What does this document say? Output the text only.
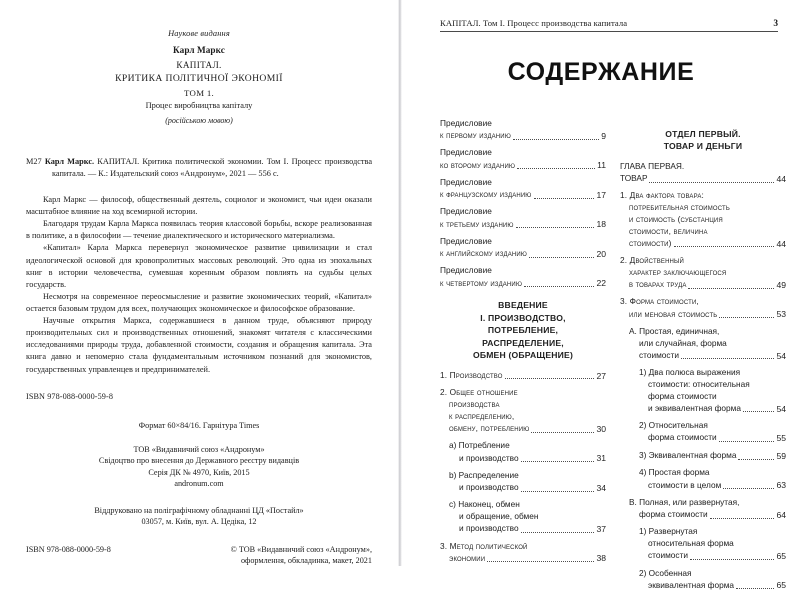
Наукове видання
Карл Маркс
КАПІТАЛ.
КРИТИКА ПОЛІТИЧНОЇ ЭКОНОМІЇ
ТОМ 1.
Процес виробництва капіталу
(російською мовою)
M27 Карл Маркс. КАПИТАЛ. Критика политической экономии. Том I. Процесс производства капитала. — К.: Издательский союз «Андронум», 2021 — 556 с.

Карл Маркс — философ, общественный деятель, социолог и экономист, чьи идеи оказали масштабное влияние на ход всемирной истории.

Благодаря трудам Карла Маркса появилась теория классовой борьбы, вскоре реализованная в политике, а в философии — течение диалектического и исторического материализма.

«Капитал» Карла Маркса перевернул экономическое развитие цивилизации и стал идеологической основой для кровопролитных массовых революций. Это одна из эпохальных книг в истории человечества, сумевшая коренным образом повлиять на судьбы целых государств.

Несмотря на современное переосмысление и развитие экономических теорий, «Капитал» остается базовым трудом для всех, получающих экономическое и философское образование.

Научные открытия Маркса, содержавшиеся в данном труде, объясняют природу производительных сил и производственных отношений, знакомят читателя с классическими исследованиями природы труда, добавленной стоимости, создания и обращения капитала. Эта книга давно и непомерно стала фундаментальным источником познаний для экономистов, государственных управленцев и предпринимателей.

ISBN 978-088-0000-59-8
Формат 60×84/16. Гарнітура Times
ТОВ «Видавничий союз «Андронум»
Свідоцтво про внесення до Державного реєстру видавців
Серія ДК № 4970, Київ, 2015
andronum.com
Віддруковано на поліграфічному обладнанні ЦД «Постайл»
03057, м. Київ, вул. А. Цедіка, 12
ISBN 978-088-0000-59-8	© ТОВ «Видавничий союз «Андронум»,
оформлення, обкладинка, макет, 2021
КАПІТАЛ. Том I. Процесс производства капитала	3
СОДЕРЖАНИЕ
Предисловие
к первому изданию	9
Предисловие
ко второму изданию	11
Предисловие
к французскому изданию	17
Предисловие
к третьему изданию	18
Предисловие
к английскому изданию	20
Предисловие
к четвертому изданию	22
ВВЕДЕНИЕ
I. ПРОИЗВОДСТВО,
ПОТРЕБЛЕНИЕ,
РАСПРЕДЕЛЕНИЕ,
ОБМЕН (ОБРАЩЕНИЕ)
1. Производство	27
2. Общее отношение
производства
к распределению,
обмену, потреблению	30
a) Потребление
и производство	31
b) Распределение
и производство	34
c) Наконец, обмен
и обращение, обмен
и производство	37
3. Метод политической
экономии	38
ОТДЕЛ ПЕРВЫЙ.
ТОВАР И ДЕНЬГИ
ГЛАВА ПЕРВАЯ.
ТОВАР	44
1. Два фактора товара:
потребительная стоимость
и стоимость (субстанция
стоимости, величина
стоимости)	44
2. Двойственный
характер заключающегося
в товарах труда	49
3. Форма стоимости,
или меновая стоимость	53
A. Простая, единичная,
или случайная, форма
стоимости	54
1) Два полюса выражения
стоимости: относительная
форма стоимости
и эквивалентная форма	54
2) Относительная
форма стоимости	55
3) Эквивалентная форма	59
4) Простая форма
стоимости в целом	63
B. Полная, или развернутая,
форма стоимости	64
1) Развернутая
относительная форма
стоимости	65
2) Особенная
эквивалентная форма	65
